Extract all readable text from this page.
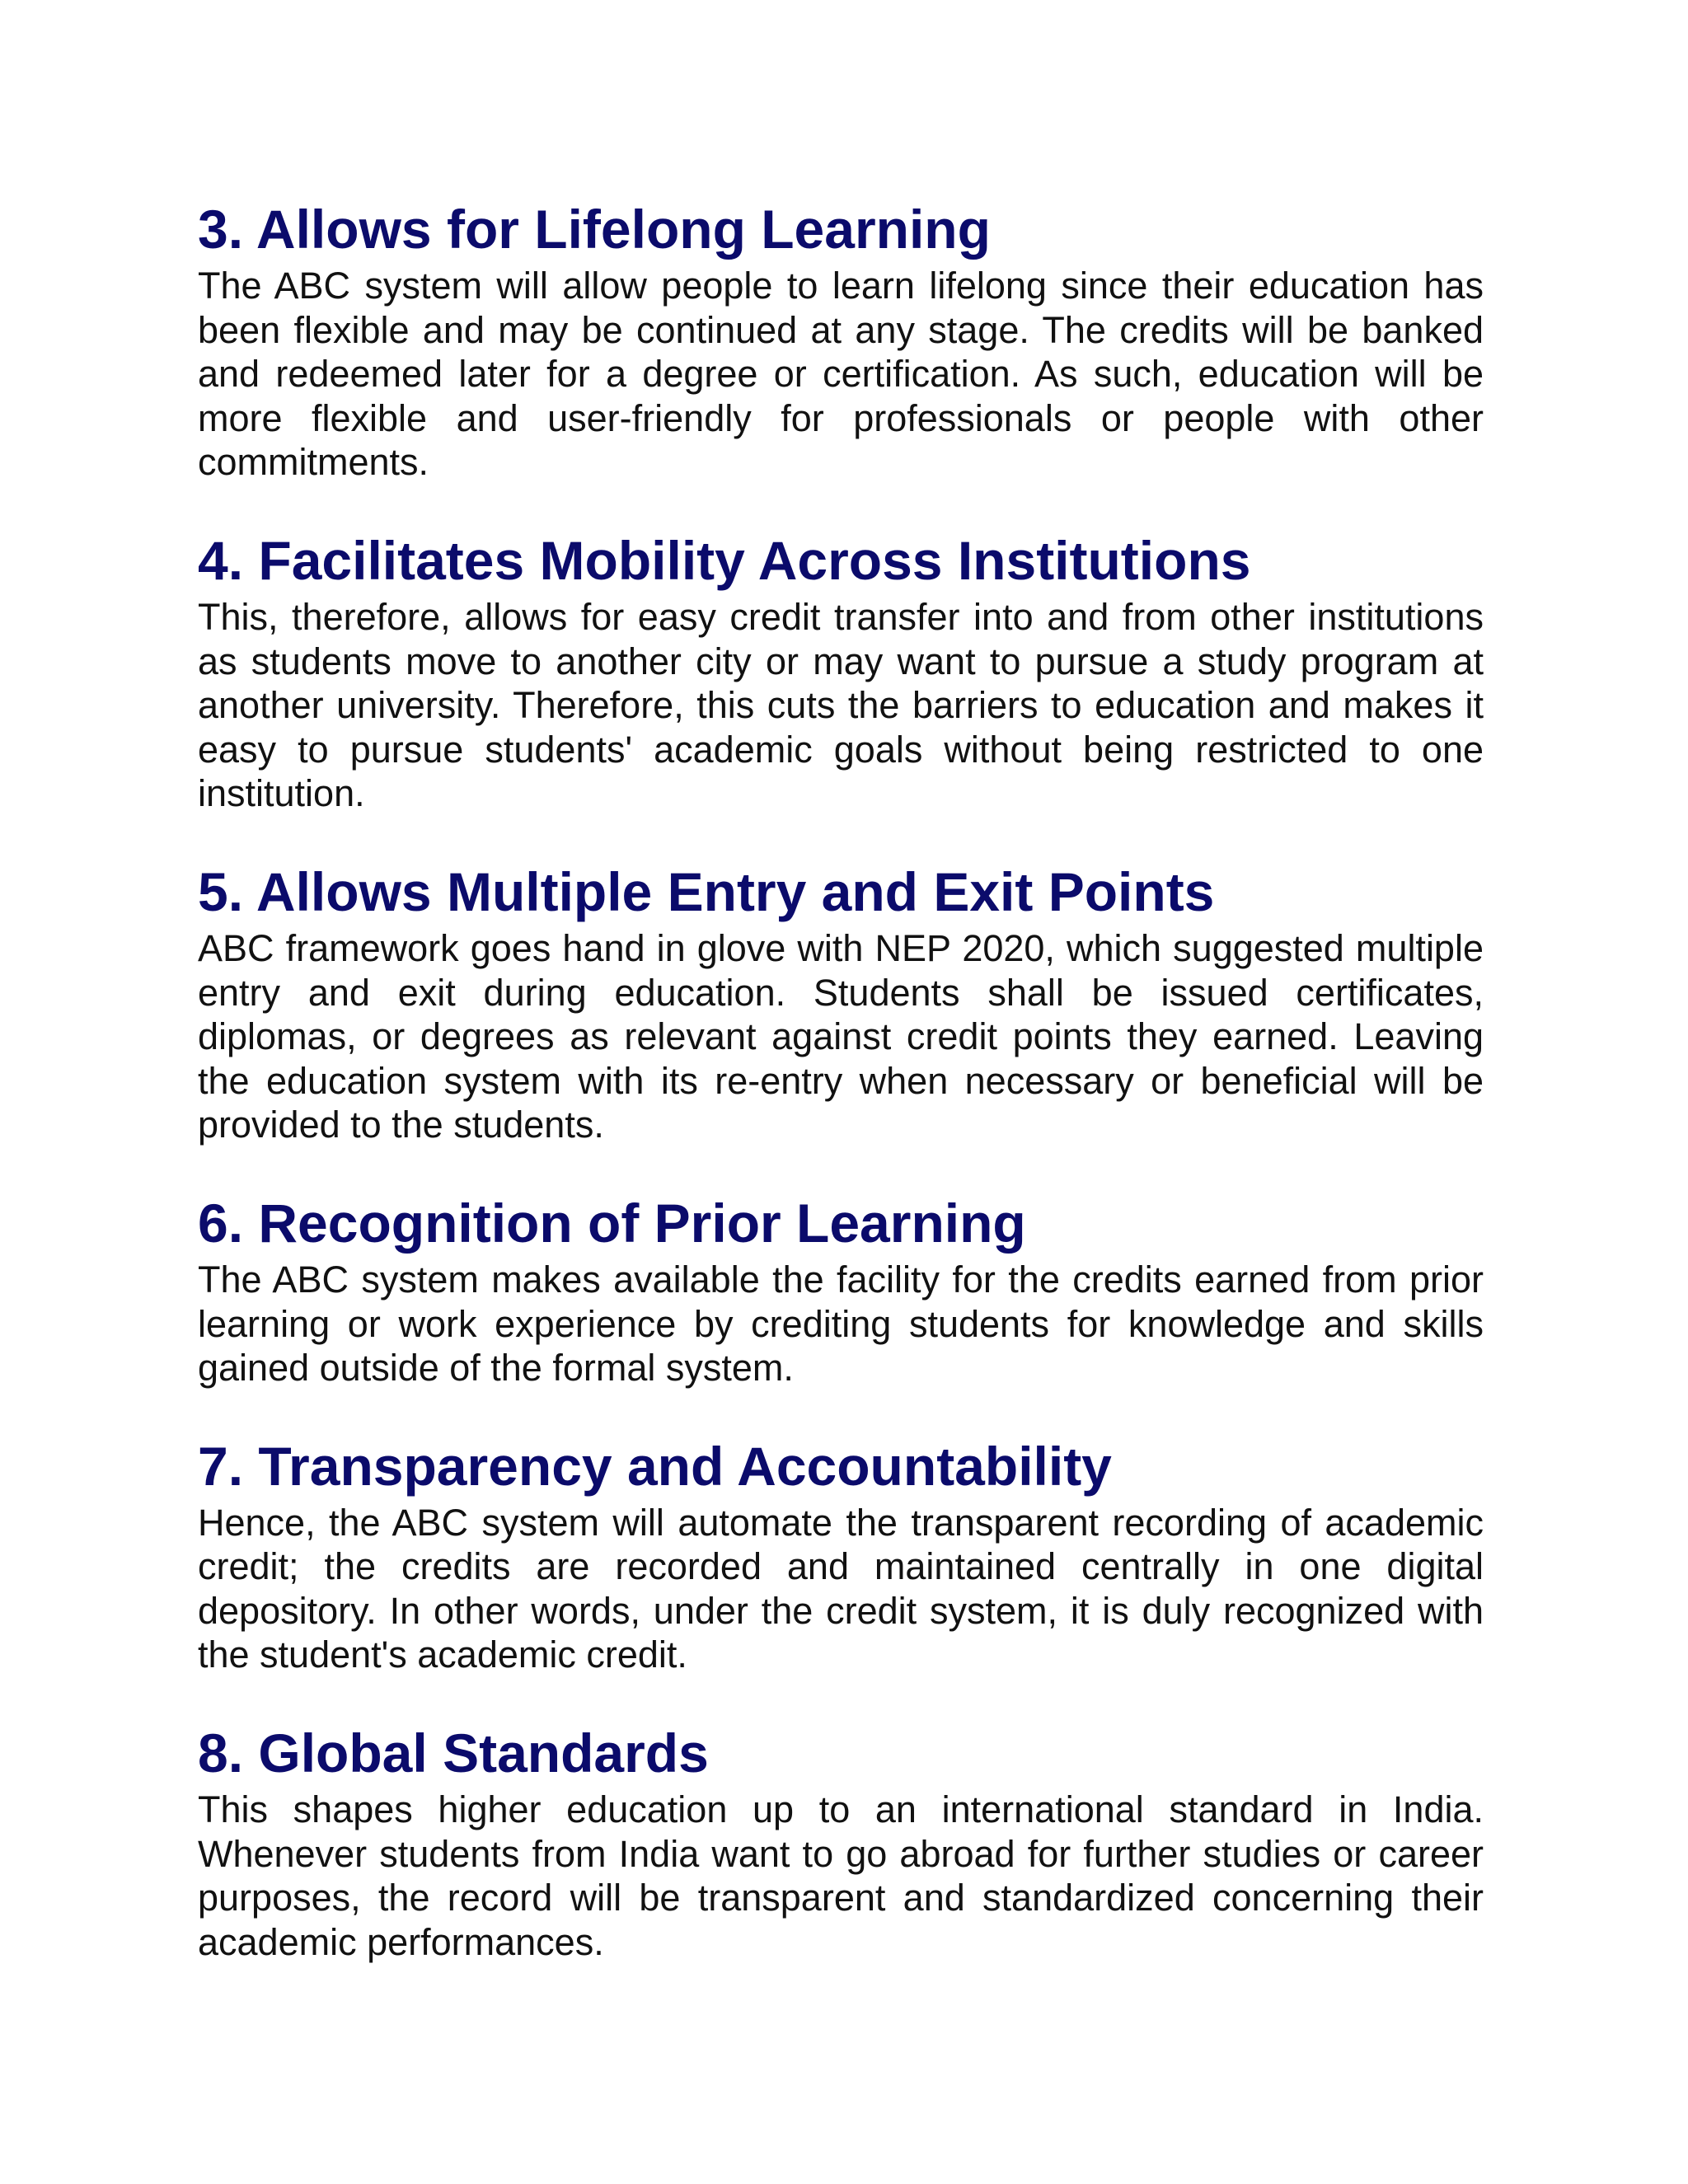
3. Allows for Lifelong Learning

The ABC system will allow people to learn lifelong since their education has been flexible and may be continued at any stage. The credits will be banked and redeemed later for a degree or certification. As such, education will be more flexible and user-friendly for professionals or people with other commitments.

4. Facilitates Mobility Across Institutions

This, therefore, allows for easy credit transfer into and from other institutions as students move to another city or may want to pursue a study program at another university. Therefore, this cuts the barriers to education and makes it easy to pursue students' academic goals without being restricted to one institution.

5. Allows Multiple Entry and Exit Points

ABC framework goes hand in glove with NEP 2020, which suggested multiple entry and exit during education. Students shall be issued certificates, diplomas, or degrees as relevant against credit points they earned. Leaving the education system with its re-entry when necessary or beneficial will be provided to the students.

6. Recognition of Prior Learning

The ABC system makes available the facility for the credits earned from prior learning or work experience by crediting students for knowledge and skills gained outside of the formal system.

7. Transparency and Accountability

Hence, the ABC system will automate the transparent recording of academic credit; the credits are recorded and maintained centrally in one digital depository. In other words, under the credit system, it is duly recognized with the student's academic credit.

8. Global Standards

This shapes higher education up to an international standard in India. Whenever students from India want to go abroad for further studies or career purposes, the record will be transparent and standardized concerning their academic performances.
